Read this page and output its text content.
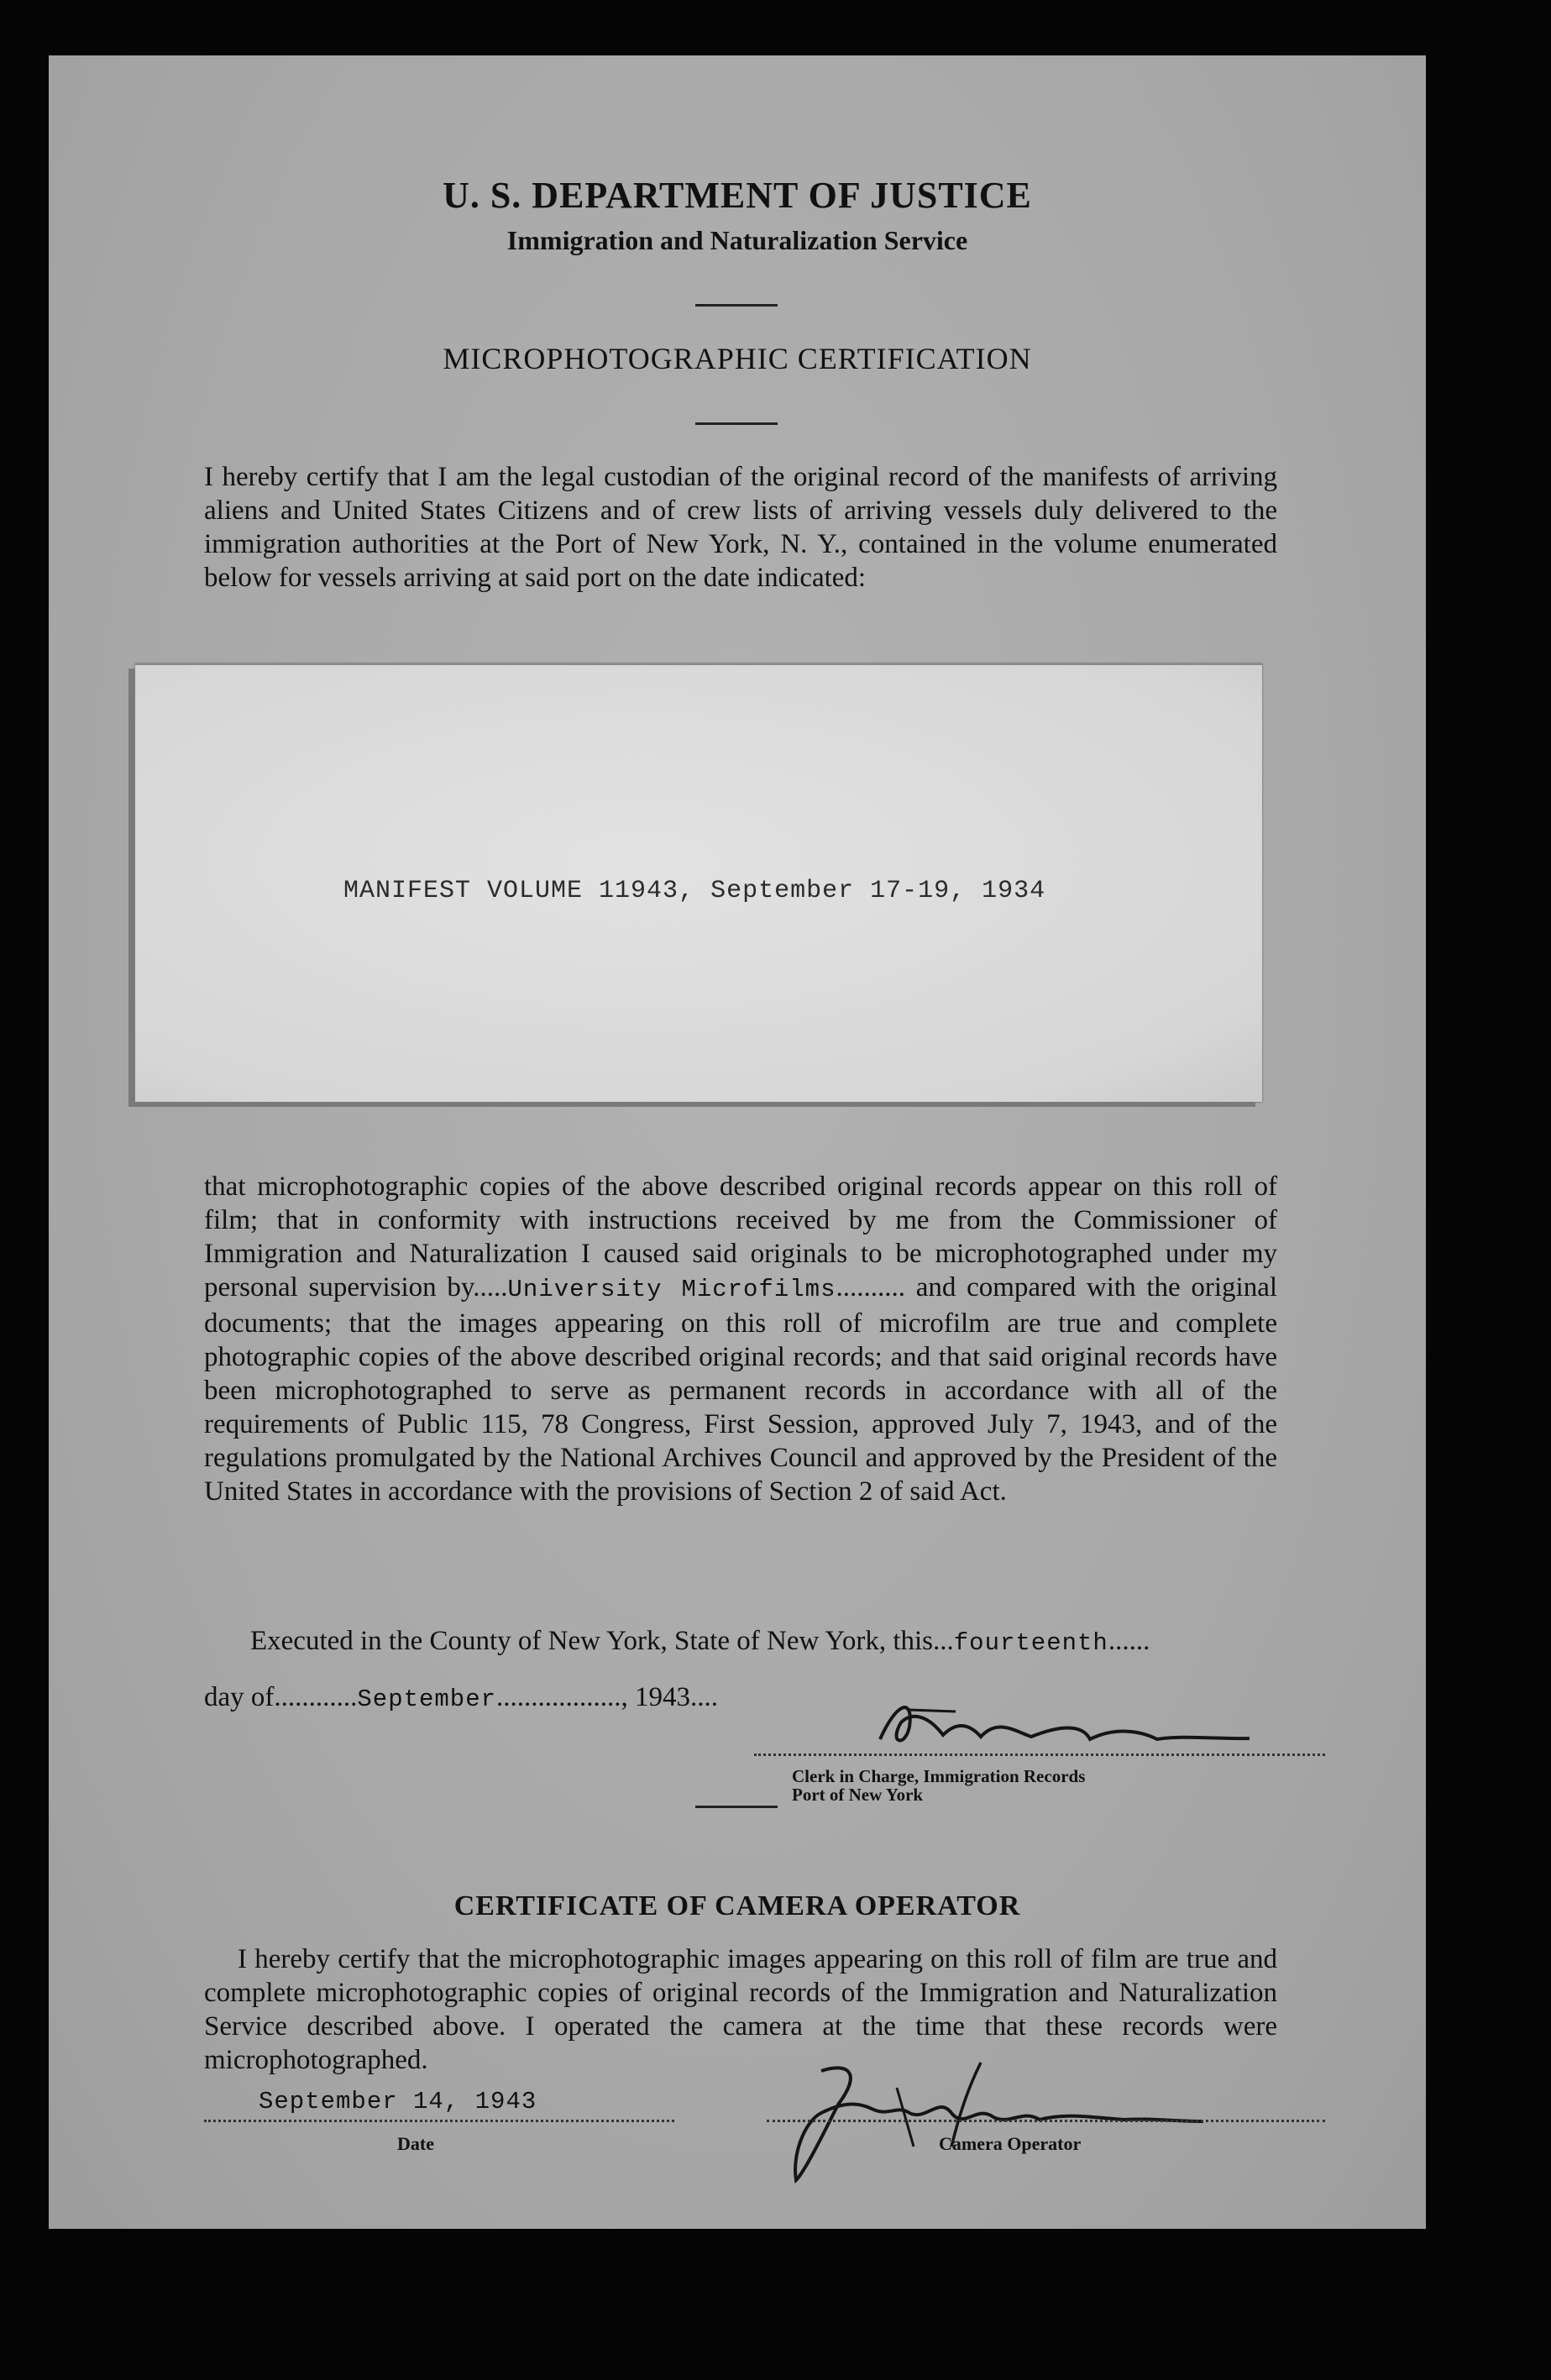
U. S. DEPARTMENT OF JUSTICE
Immigration and Naturalization Service
MICROPHOTOGRAPHIC CERTIFICATION
I hereby certify that I am the legal custodian of the original record of the manifests of arriving aliens and United States Citizens and of crew lists of arriving vessels duly delivered to the immigration authorities at the Port of New York, N. Y., contained in the volume enumerated below for vessels arriving at said port on the date indicated:
MANIFEST VOLUME 11943, September 17-19, 1934
that microphotographic copies of the above described original records appear on this roll of film; that in conformity with instructions received by me from the Commissioner of Immigration and Naturalization I caused said originals to be microphotographed under my personal supervision by.....University Microfilms.......... and compared with the original documents; that the images appearing on this roll of microfilm are true and complete photographic copies of the above described original records; and that said original records have been microphotographed to serve as permanent records in accordance with all of the requirements of Public 115, 78 Congress, First Session, approved July 7, 1943, and of the regulations promulgated by the National Archives Council and approved by the President of the United States in accordance with the provisions of Section 2 of said Act.
Executed in the County of New York, State of New York, this...fourteenth......
day of............September.................., 1943....
Clerk in Charge, Immigration Records
Port of New York
CERTIFICATE OF CAMERA OPERATOR
I hereby certify that the microphotographic images appearing on this roll of film are true and complete microphotographic copies of original records of the Immigration and Naturalization Service described above. I operated the camera at the time that these records were microphotographed.
September 14, 1943
Date	Camera Operator
